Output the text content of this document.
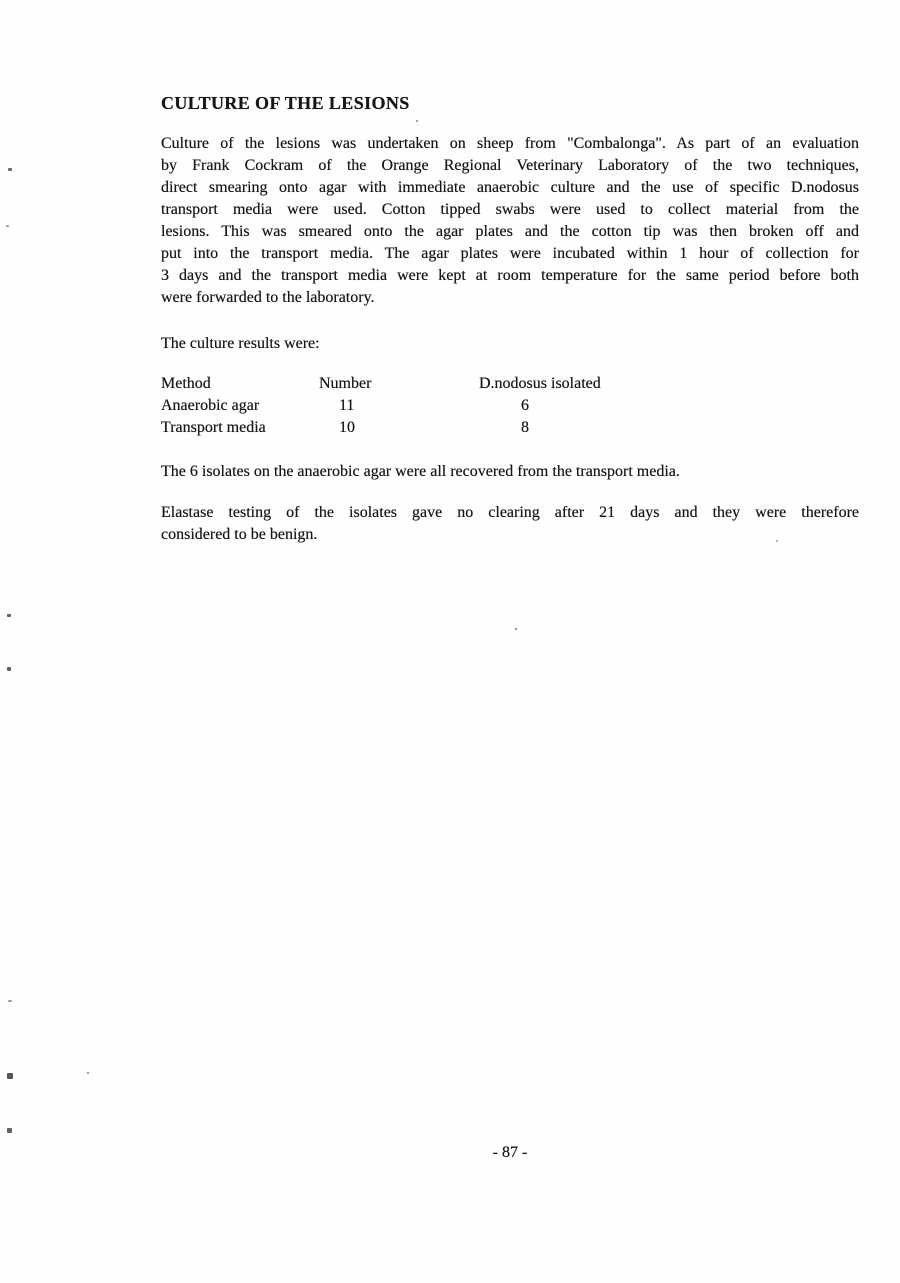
CULTURE OF THE LESIONS
Culture of the lesions was undertaken on sheep from "Combalonga". As part of an evaluation
by Frank Cockram of the Orange Regional Veterinary Laboratory of the two techniques,
direct smearing onto agar with immediate anaerobic culture and the use of specific D.nodosus
transport media were used. Cotton tipped swabs were used to collect material from the
lesions. This was smeared onto the agar plates and the cotton tip was then broken off and
put into the transport media. The agar plates were incubated within 1 hour of collection for
3 days and the transport media were kept at room temperature for the same period before both
were forwarded to the laboratory.
The culture results were:
Method	Number	D.nodosus isolated
Anaerobic agar	11	6
Transport media	10	8
The 6 isolates on the anaerobic agar were all recovered from the transport media.
Elastase testing of the isolates gave no clearing after 21 days and they were therefore
considered to be benign.
- 87 -
